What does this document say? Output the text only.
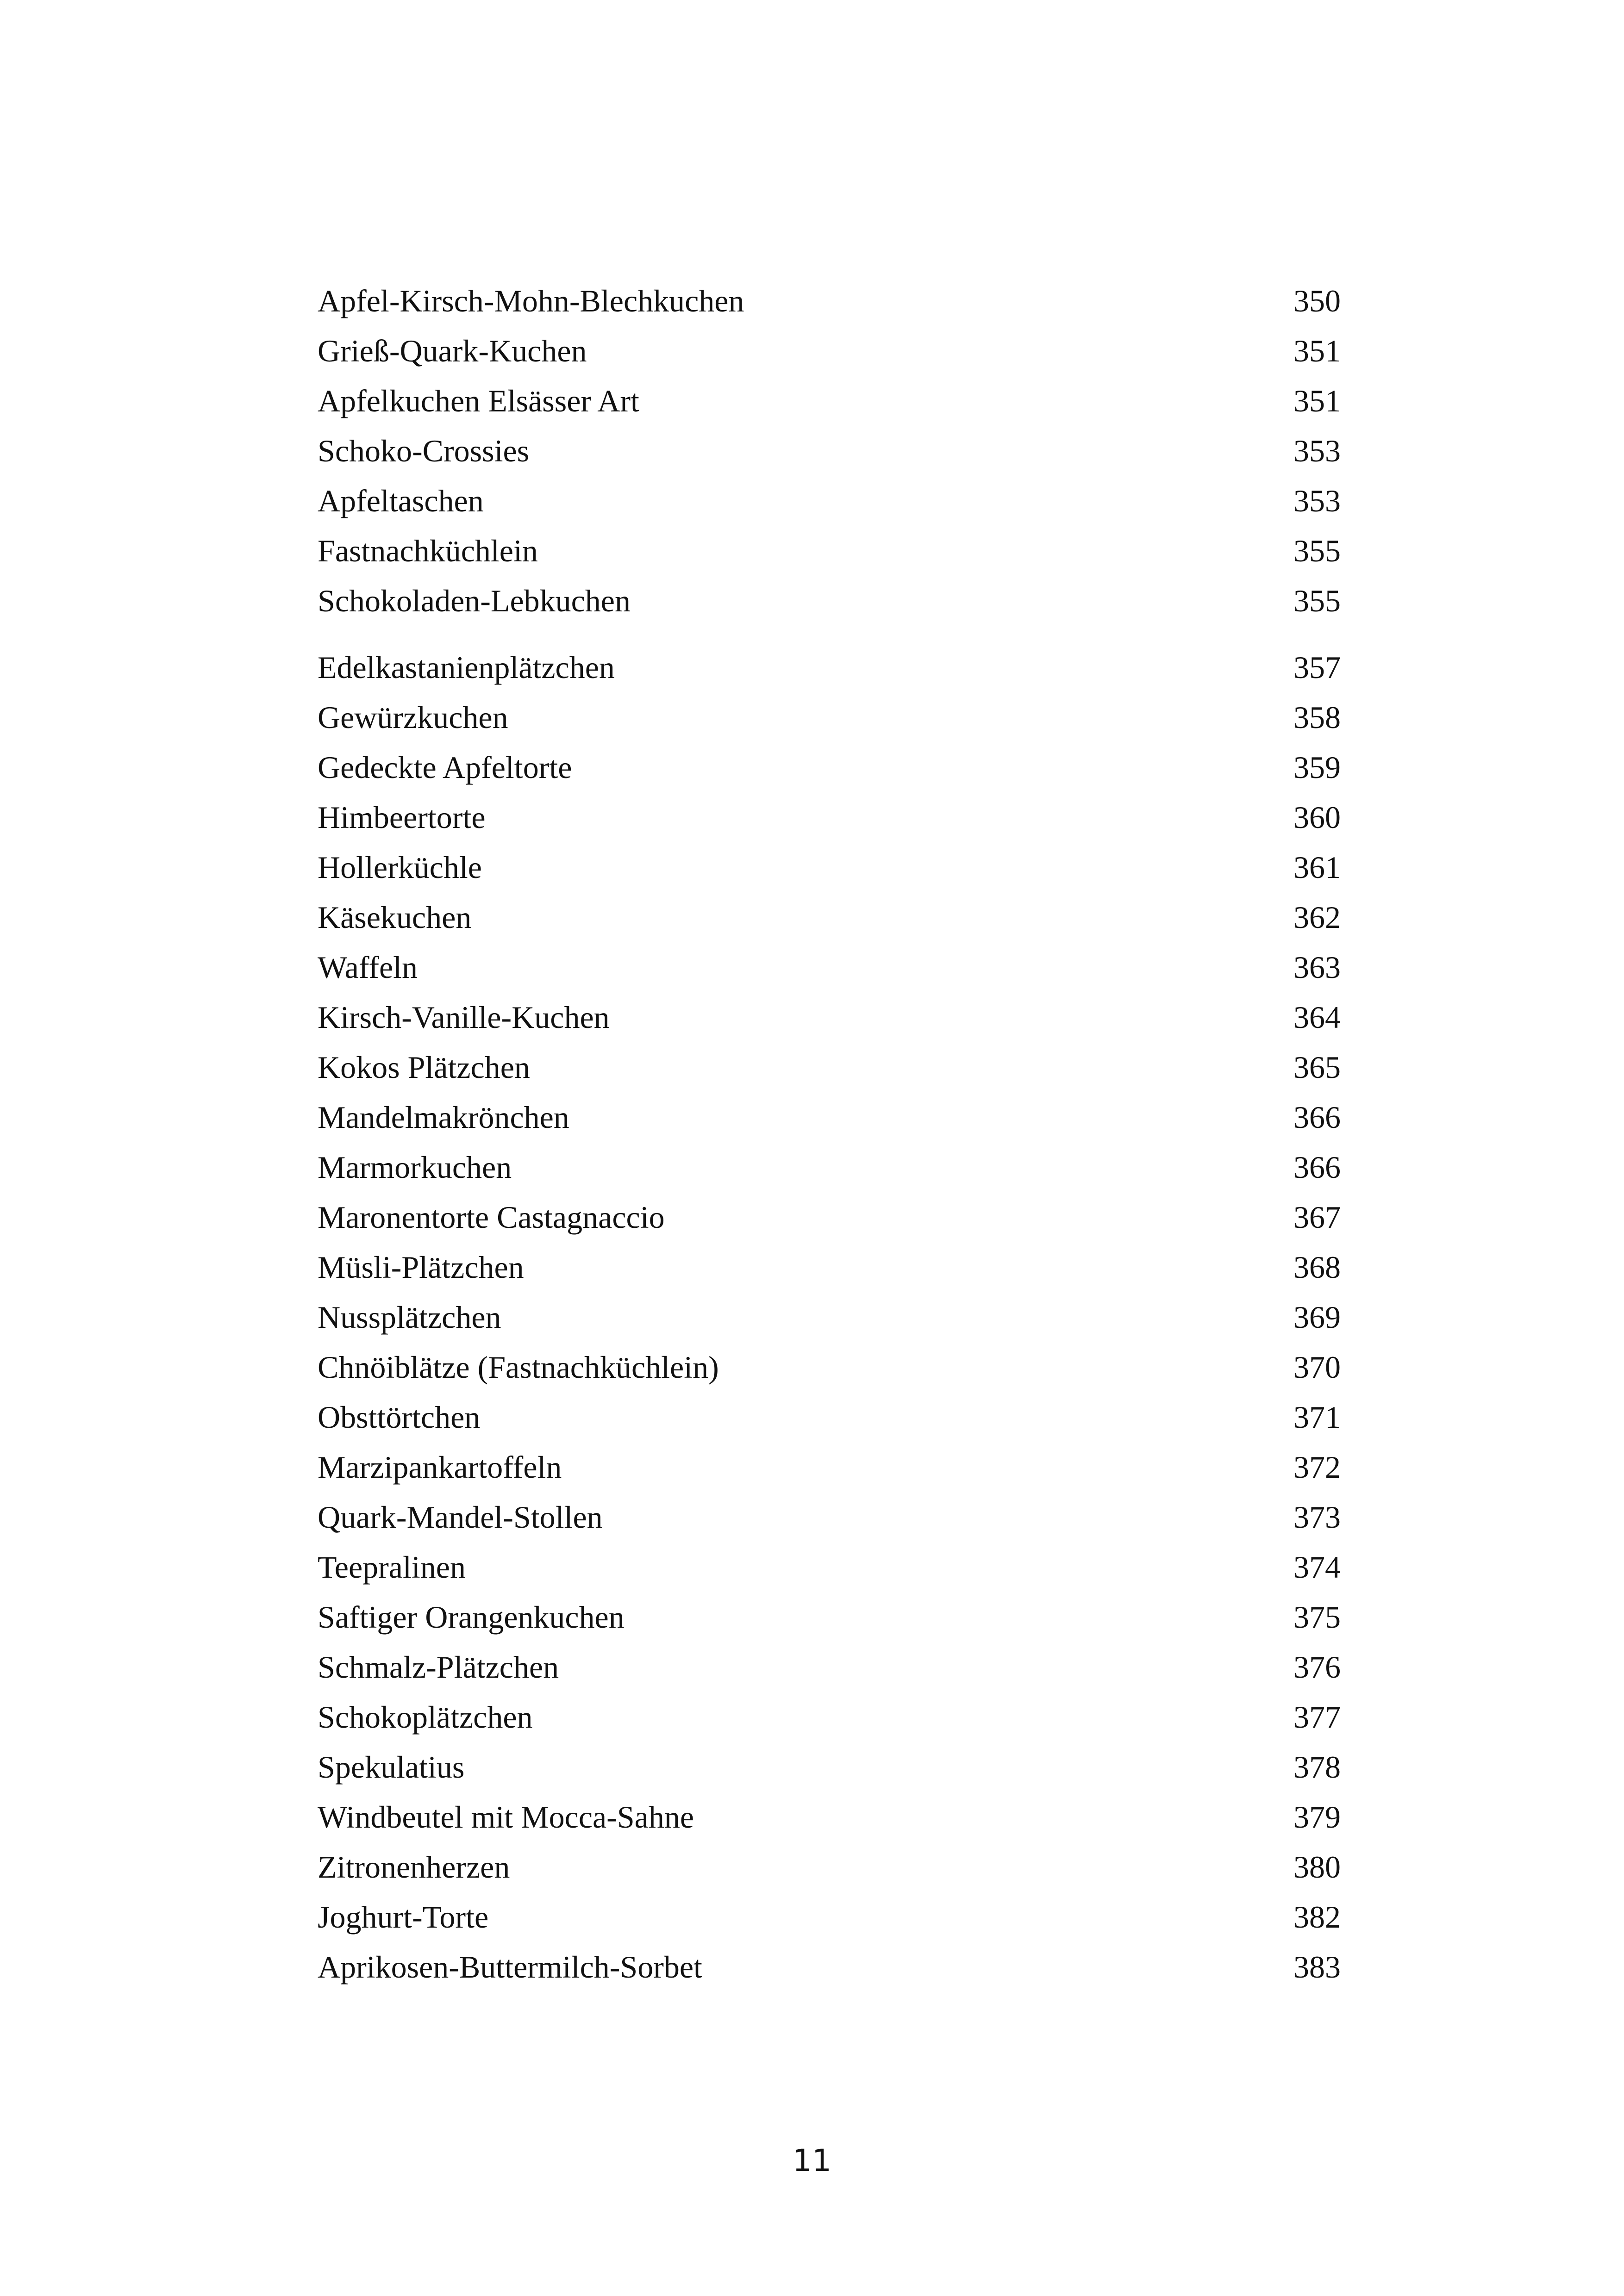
Apfel-Kirsch-Mohn-Blechkuchen	350
Grieß-Quark-Kuchen	351
Apfelkuchen Elsässer Art	351
Schoko-Crossies	353
Apfeltaschen	353
Fastnachküchlein	355
Schokoladen-Lebkuchen	355
Edelkastanienplätzchen	357
Gewürzkuchen	358
Gedeckte Apfeltorte	359
Himbeertorte	360
Hollerküchle	361
Käsekuchen	362
Waffeln	363
Kirsch-Vanille-Kuchen	364
Kokos Plätzchen	365
Mandelmakrönchen	366
Marmorkuchen	366
Maronentorte Castagnaccio	367
Müsli-Plätzchen	368
Nussplätzchen	369
Chnöiblätze (Fastnachküchlein)	370
Obsttörtchen	371
Marzipankartoffeln	372
Quark-Mandel-Stollen	373
Teepralinen	374
Saftiger Orangenkuchen	375
Schmalz-Plätzchen	376
Schokoplätzchen	377
Spekulatius	378
Windbeutel mit Mocca-Sahne	379
Zitronenherzen	380
Joghurt-Torte	382
Aprikosen-Buttermilch-Sorbet	383
11
